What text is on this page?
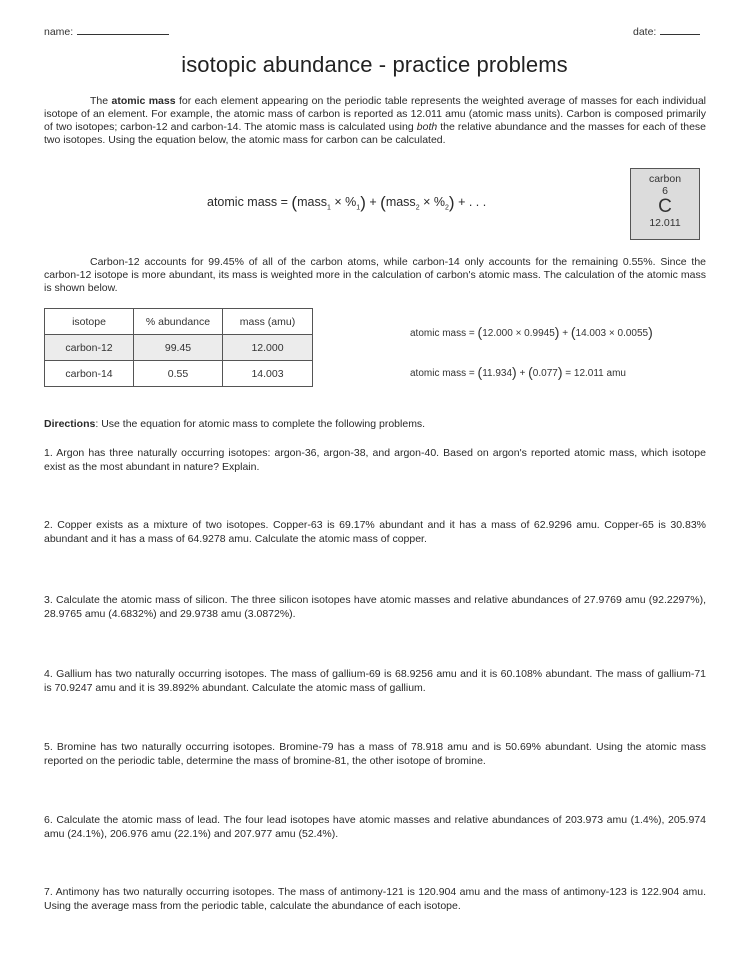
name:	date:
isotopic abundance - practice problems
The atomic mass for each element appearing on the periodic table represents the weighted average of masses for each individual isotope of an element. For example, the atomic mass of carbon is reported as 12.011 amu (atomic mass units). Carbon is composed primarily of two isotopes; carbon-12 and carbon-14. The atomic mass is calculated using both the relative abundance and the masses for each of these two isotopes. Using the equation below, the atomic mass for carbon can be calculated.
atomic mass = (mass$_1$ × $\%_1$) + (mass$_2$ × $\%_2$) + . . .
carbon
6
C
12.011
Carbon-12 accounts for 99.45% of all of the carbon atoms, while carbon-14 only accounts for the remaining 0.55%. Since the carbon-12 isotope is more abundant, its mass is weighted more in the calculation of carbon's atomic mass. The calculation of the atomic mass is shown below.
isotope	% abundance	mass (amu)
carbon-12	99.45	12.000
carbon-14	0.55	14.003
atomic mass = (12.000 × 0.9945) + (14.003 × 0.0055)
atomic mass = (11.934) + (0.077) = 12.011 amu
Directions: Use the equation for atomic mass to complete the following problems.
1. Argon has three naturally occurring isotopes: argon-36, argon-38, and argon-40. Based on argon's reported atomic mass, which isotope exist as the most abundant in nature? Explain.
2. Copper exists as a mixture of two isotopes. Copper-63 is 69.17% abundant and it has a mass of 62.9296 amu. Copper-65 is 30.83% abundant and it has a mass of 64.9278 amu. Calculate the atomic mass of copper.
3. Calculate the atomic mass of silicon. The three silicon isotopes have atomic masses and relative abundances of 27.9769 amu (92.2297%), 28.9765 amu (4.6832%) and 29.9738 amu (3.0872%).
4. Gallium has two naturally occurring isotopes. The mass of gallium-69 is 68.9256 amu and it is 60.108% abundant. The mass of gallium-71 is 70.9247 amu and it is 39.892% abundant. Calculate the atomic mass of gallium.
5. Bromine has two naturally occurring isotopes. Bromine-79 has a mass of 78.918 amu and is 50.69% abundant. Using the atomic mass reported on the periodic table, determine the mass of bromine-81, the other isotope of bromine.
6. Calculate the atomic mass of lead. The four lead isotopes have atomic masses and relative abundances of 203.973 amu (1.4%), 205.974 amu (24.1%), 206.976 amu (22.1%) and 207.977 amu (52.4%).
7. Antimony has two naturally occurring isotopes. The mass of antimony-121 is 120.904 amu and the mass of antimony-123 is 122.904 amu. Using the average mass from the periodic table, calculate the abundance of each isotope.
